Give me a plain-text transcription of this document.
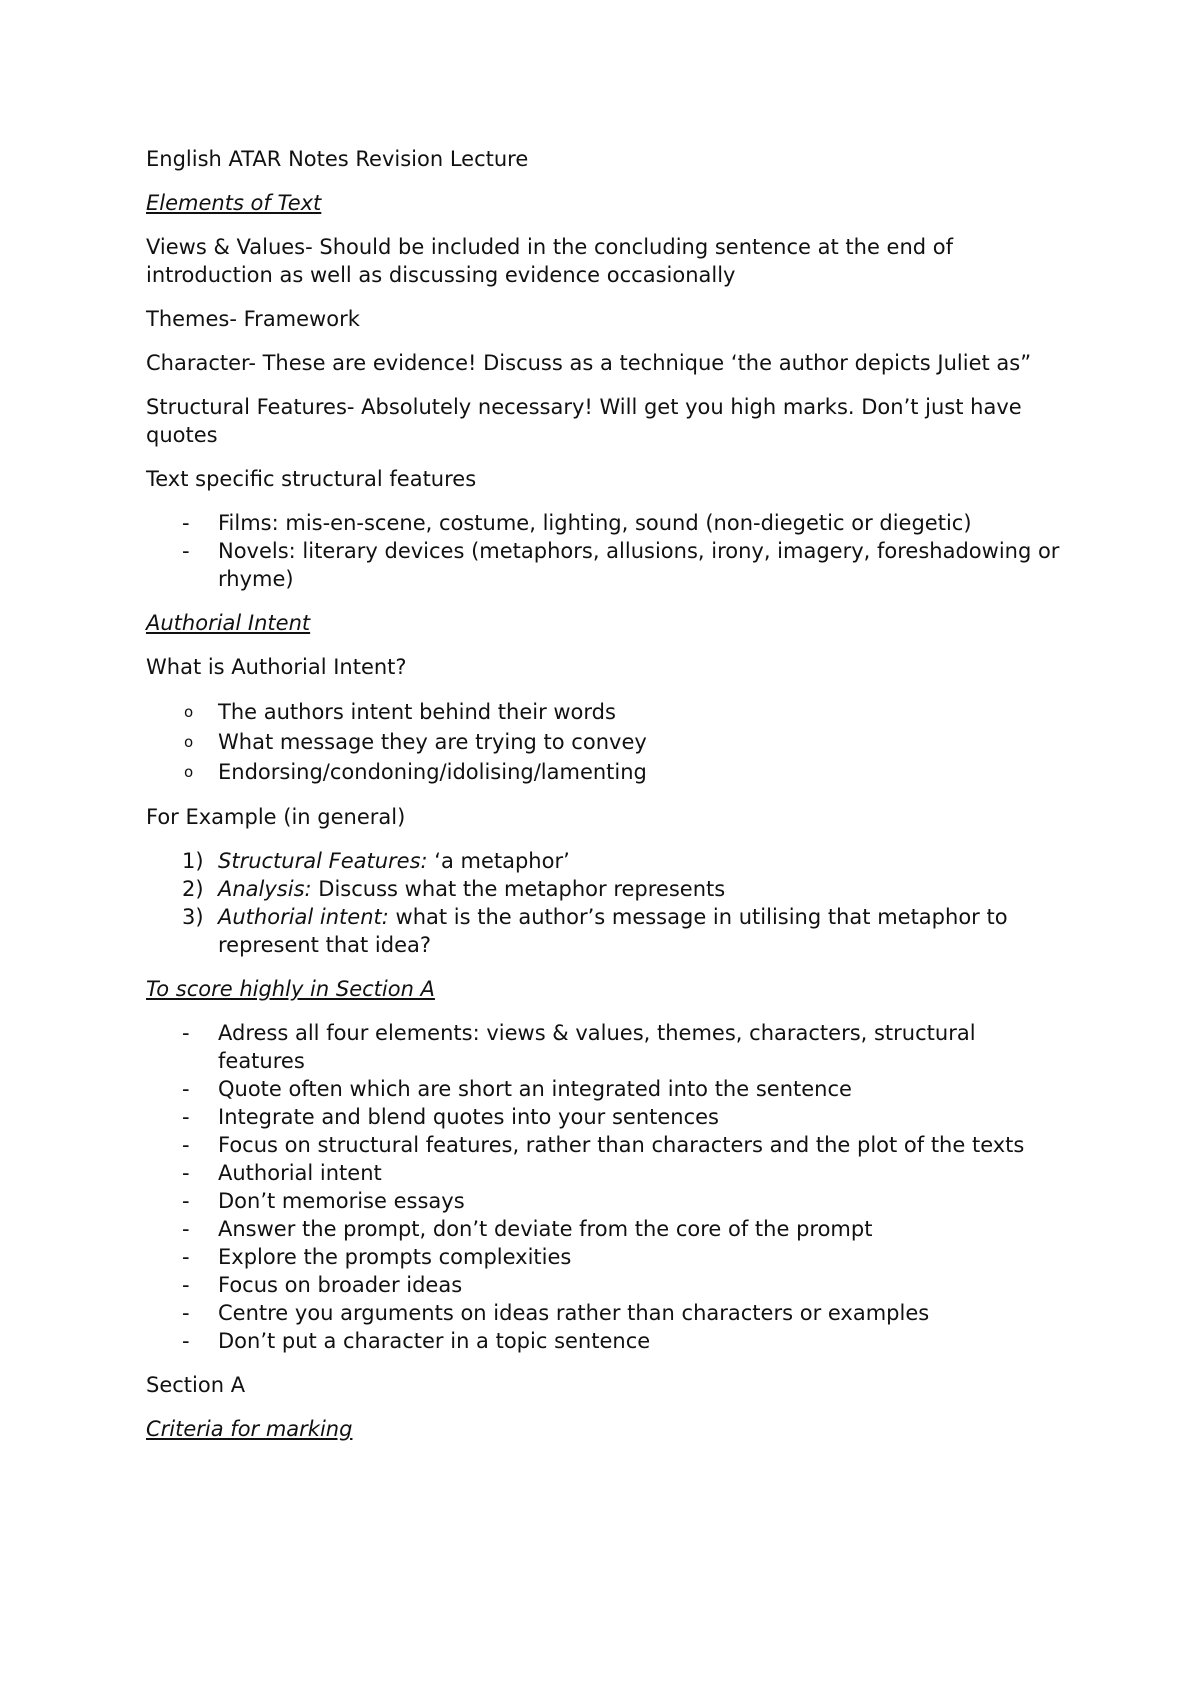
English ATAR Notes Revision Lecture

Elements of Text

Views & Values- Should be included in the concluding sentence at the end of introduction as well as discussing evidence occasionally

Themes- Framework

Character- These are evidence! Discuss as a technique ‘the author depicts Juliet as”

Structural Features- Absolutely necessary! Will get you high marks. Don’t just have quotes

Text specific structural features

-	Films: mis-en-scene, costume, lighting, sound (non-diegetic or diegetic)
-	Novels: literary devices (metaphors, allusions, irony, imagery, foreshadowing or rhyme)

Authorial Intent

What is Authorial Intent?

o	The authors intent behind their words
o	What message they are trying to convey
o	Endorsing/condoning/idolising/lamenting

For Example (in general)

1) Structural Features: ‘a metaphor’
2) Analysis: Discuss what the metaphor represents
3) Authorial intent: what is the author’s message in utilising that metaphor to represent that idea?

To score highly in Section A

-	Adress all four elements: views & values, themes, characters, structural features
-	Quote often which are short an integrated into the sentence
-	Integrate and blend quotes into your sentences
-	Focus on structural features, rather than characters and the plot of the texts
-	Authorial intent
-	Don’t memorise essays
-	Answer the prompt, don’t deviate from the core of the prompt
-	Explore the prompts complexities
-	Focus on broader ideas
-	Centre you arguments on ideas rather than characters or examples
-	Don’t put a character in a topic sentence

Section A

Criteria for marking
